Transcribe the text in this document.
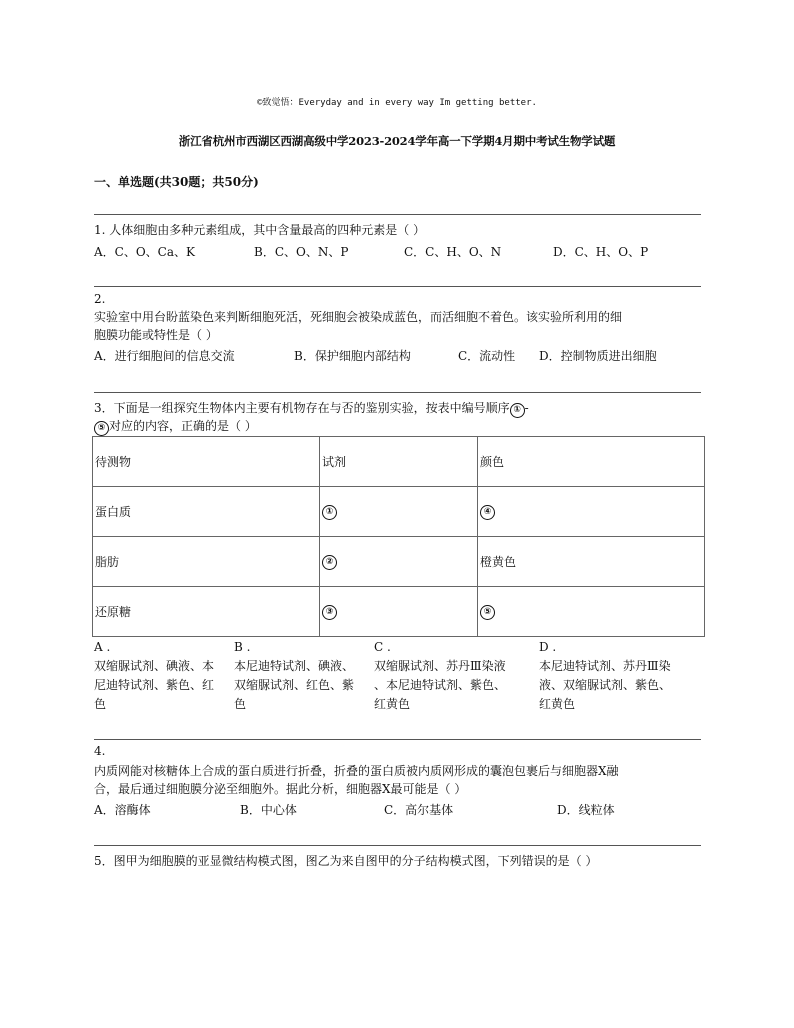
©致觉悟：Everyday and in every way Im getting better.
浙江省杭州市西湖区西湖高级中学2023-2024学年高一下学期4月期中考试生物学试题
一、单选题(共30题；共50分)
1. 人体细胞由多种元素组成，其中含量最高的四种元素是（ ）
A．C、O、Ca、K	B．C、O、N、P	C．C、H、O、N	D．C、H、O、P
2.
实验室中用台盼蓝染色来判断细胞死活，死细胞会被染成蓝色，而活细胞不着色。该实验所利用的细
胞膜功能或特性是（ ）
A．进行细胞间的信息交流	B．保护细胞内部结构	C．流动性 D．控制物质进出细胞
3．下面是一组探究生物体内主要有机物存在与否的鉴别实验，按表中编号顺序 ① -
⑤ 对应的内容，正确的是（ ）
待测物	试剂	颜色
蛋白质	①	④
脂肪	②	橙黄色
还原糖	③	⑤
A .
双缩脲试剂、碘液、本
尼迪特试剂、紫色、红
色
B .
本尼迪特试剂、碘液、
双缩脲试剂、红色、紫
色
C .
双缩脲试剂、苏丹Ⅲ染液
、本尼迪特试剂、紫色、
红黄色
D .
本尼迪特试剂、苏丹Ⅲ染
液、双缩脲试剂、紫色、
红黄色
4.
内质网能对核糖体上合成的蛋白质进行折叠，折叠的蛋白质被内质网形成的囊泡包裹后与细胞器X融
合，最后通过细胞膜分泌至细胞外。据此分析，细胞器X最可能是（ ）
A．溶酶体	B．中心体	C．高尔基体	D．线粒体
5．图甲为细胞膜的亚显微结构模式图，图乙为来自图甲的分子结构模式图，下列错误的是（ ）
